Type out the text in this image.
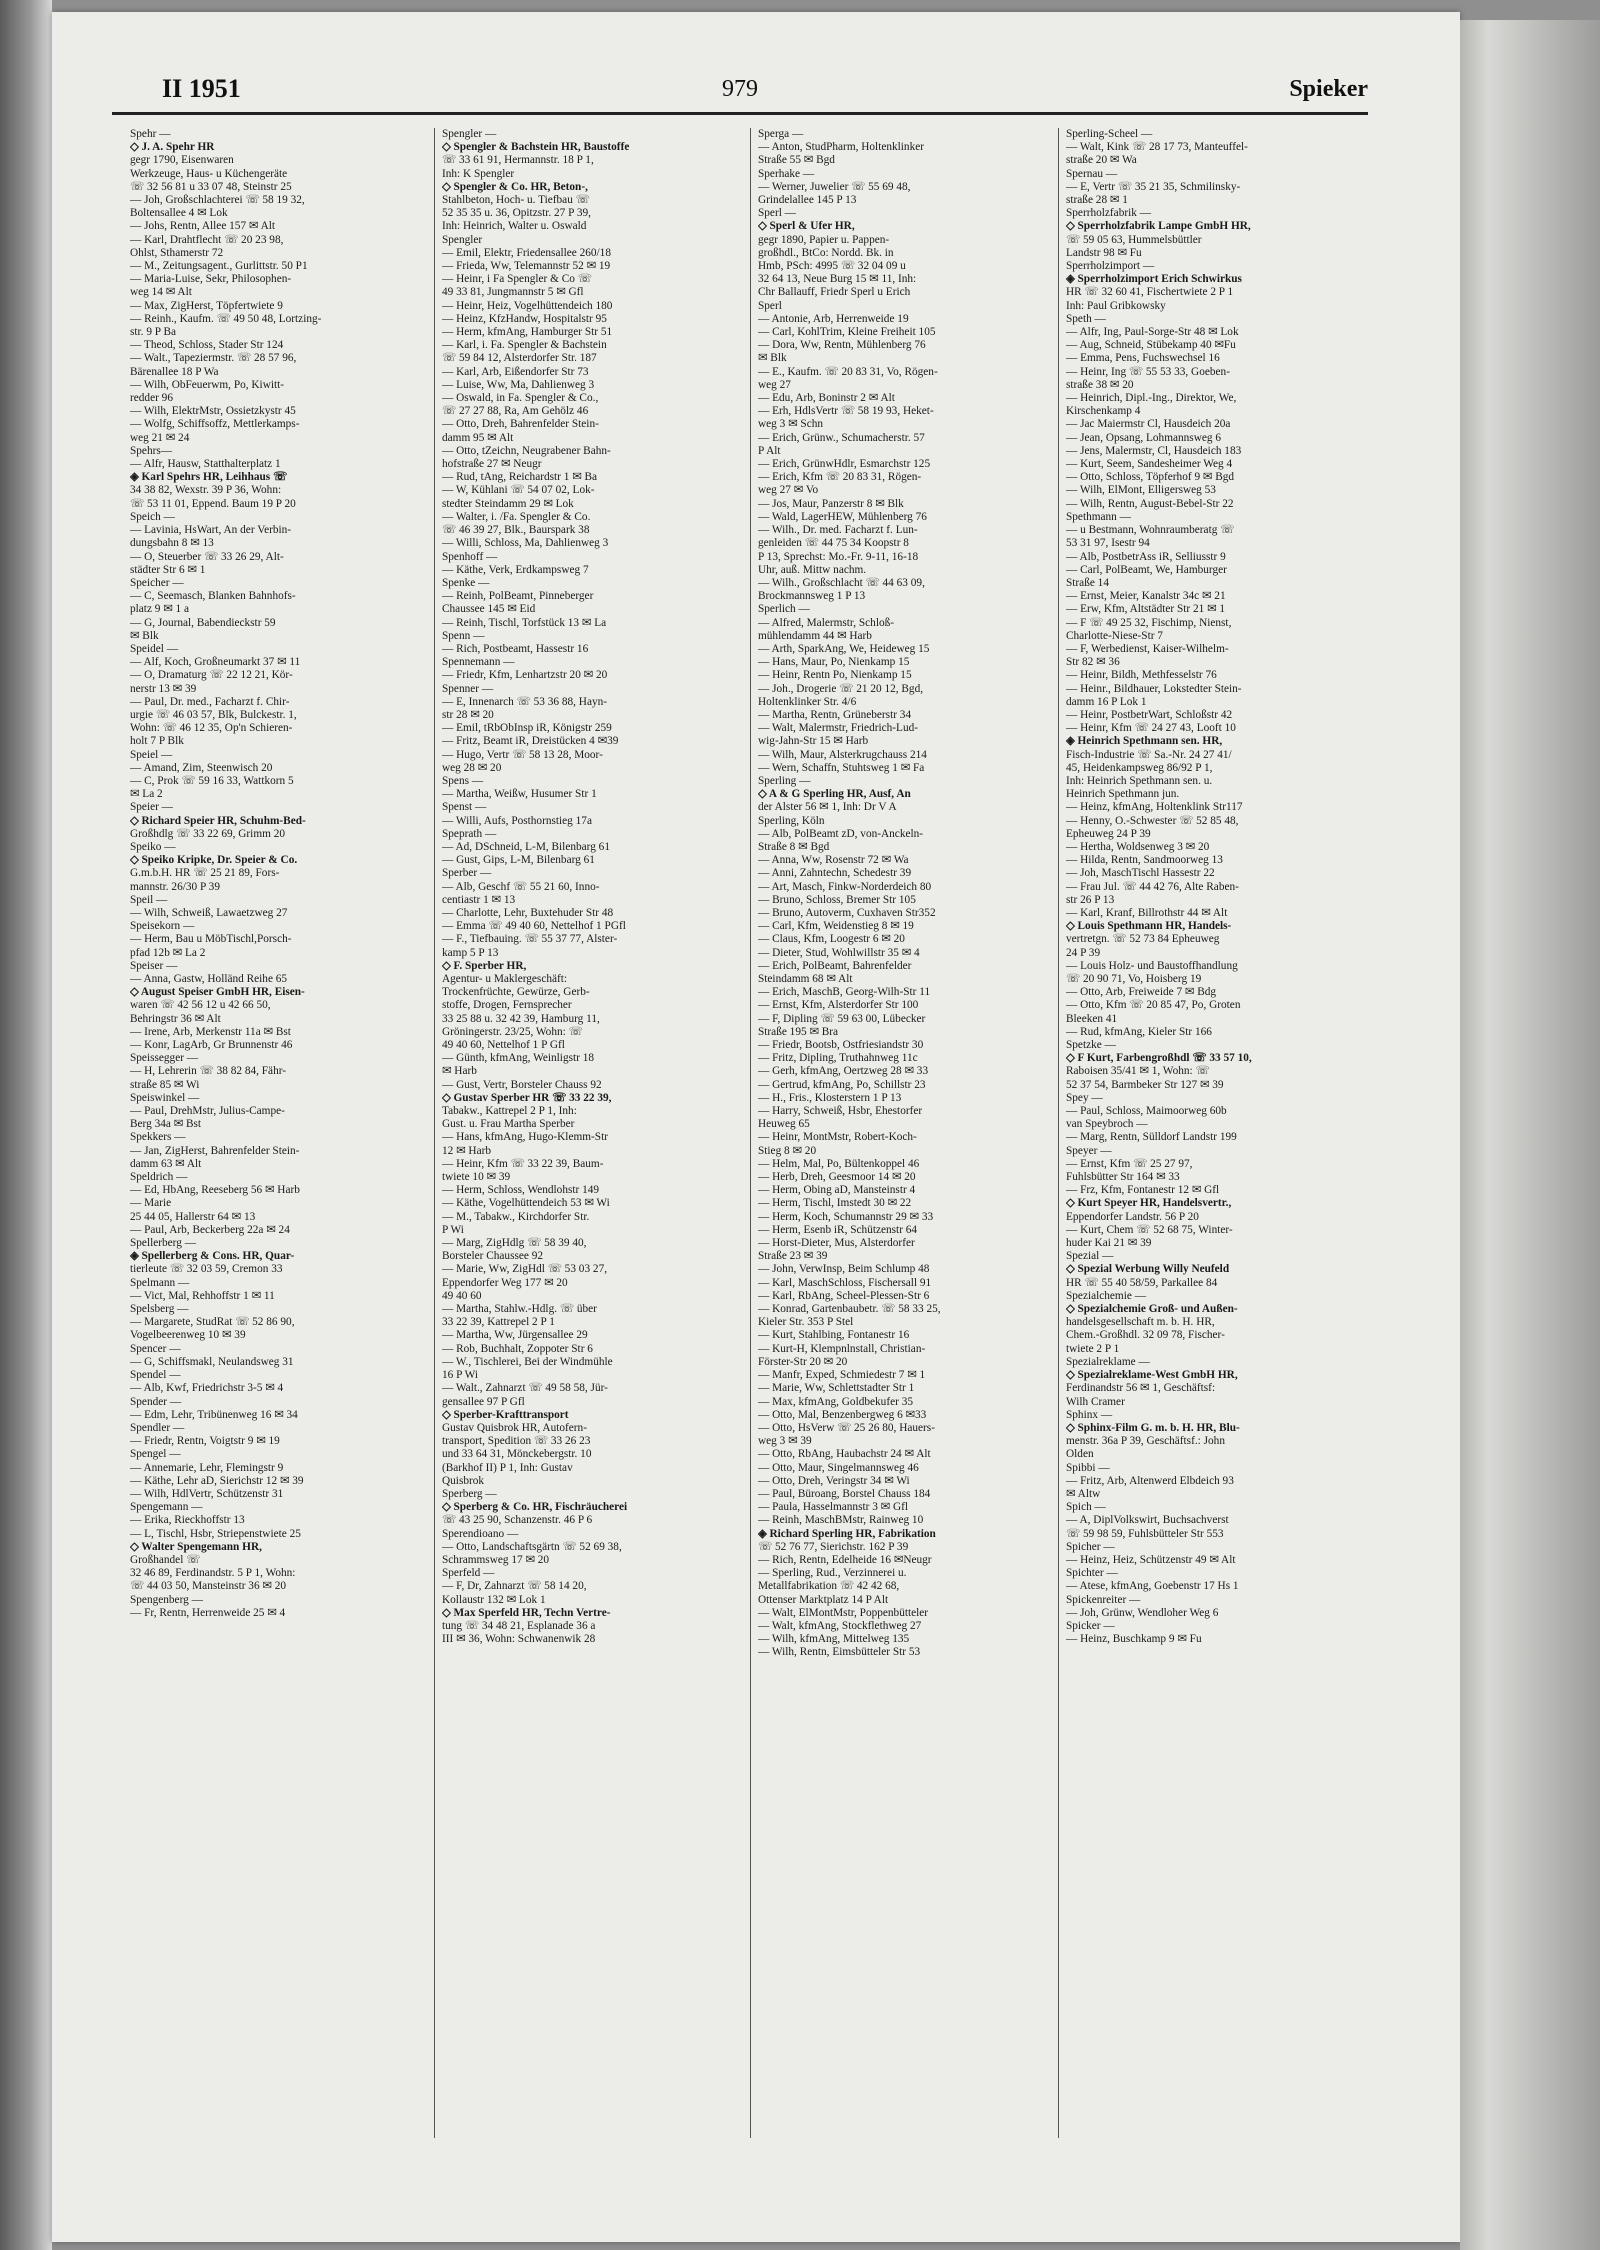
II 1951	979	Spieker
Spehr —
◇ J. A. Spehr HR
gegr 1790, Eisenwaren
Werkzeuge, Haus- u Küchengeräte
☏ 32 56 81 u 33 07 48, Steinstr 25
— Joh, Großschlachterei ☏ 58 19 32,
Boltensallee 4 ✉ Lok
— Johs, Rentn, Allee 157 ✉ Alt
— Karl, Drahtflecht ☏ 20 23 98,
Ohlst, Sthamerstr 72
— M., Zeitungsagent., Gurlittstr. 50 P1
— Maria-Luise, Sekr, Philosophen-
weg 14 ✉ Alt
— Max, ZigHerst, Töpfertwiete 9
— Reinh., Kaufm. ☏ 49 50 48, Lortzing-
str. 9 P Ba
— Theod, Schloss, Stader Str 124
— Walt., Tapeziermstr. ☏ 28 57 96,
Bärenallee 18 P Wa
— Wilh, ObFeuerwm, Po, Kiwitt-
redder 96
— Wilh, ElektrMstr, Ossietzkystr 45
— Wolfg, Schiffsoffz, Mettlerkamps-
weg 21 ✉ 24
Spehrs—
— Alfr, Hausw, Statthalterplatz 1
◈ Karl Spehrs HR, Leihhaus ☏
34 38 82, Wexstr. 39 P 36, Wohn:
☏ 53 11 01, Eppend. Baum 19 P 20
Speich —
— Lavinia, HsWart, An der Verbin-
dungsbahn 8 ✉ 13
— O, Steuerber ☏ 33 26 29, Alt-
städter Str 6 ✉ 1
Speicher —
— C, Seemasch, Blanken Bahnhofs-
platz 9 ✉ 1 a
— G, Journal, Babendieckstr 59
✉ Blk
Speidel —
— Alf, Koch, Großneumarkt 37 ✉ 11
— O, Dramaturg ☏ 22 12 21, Kör-
nerstr 13 ✉ 39
— Paul, Dr. med., Facharzt f. Chir-
urgie ☏ 46 03 57, Blk, Bulckestr. 1,
Wohn: ☏ 46 12 35, Op'n Schieren-
holt 7 P Blk
Speiel —
— Amand, Zim, Steenwisch 20
— C, Prok ☏ 59 16 33, Wattkorn 5
✉ La 2
Speier —
◇ Richard Speier HR, Schuhm-Bed-
Großhdlg ☏ 33 22 69, Grimm 20
Speiko —
◇ Speiko Kripke, Dr. Speier & Co.
G.m.b.H. HR ☏ 25 21 89, Fors-
mannstr. 26/30 P 39
Speil —
— Wilh, Schweiß, Lawaetzweg 27
Speisekorn —
— Herm, Bau u MöbTischl,Porsch-
pfad 12b ✉ La 2
Speiser —
— Anna, Gastw, Holländ Reihe 65
◇ August Speiser GmbH HR, Eisen-
waren ☏ 42 56 12 u 42 66 50,
Behringstr 36 ✉ Alt
— Irene, Arb, Merkenstr 11a ✉ Bst
— Konr, LagArb, Gr Brunnenstr 46
Speissegger —
— H, Lehrerin ☏ 38 82 84, Fähr-
straße 85 ✉ Wi
Speiswinkel —
— Paul, DrehMstr, Julius-Campe-
Berg 34a ✉ Bst
Spekkers —
— Jan, ZigHerst, Bahrenfelder Stein-
damm 63 ✉ Alt
Speldrich —
— Ed, HbAng, Reeseberg 56 ✉ Harb
— Marie
25 44 05, Hallerstr 64 ✉ 13
— Paul, Arb, Beckerberg 22a ✉ 24
Spellerberg —
◈ Spellerberg & Cons. HR, Quar-
tierleute ☏ 32 03 59, Cremon 33
Spelmann —
— Vict, Mal, Rehhoffstr 1 ✉ 11
Spelsberg —
— Margarete, StudRat ☏ 52 86 90,
Vogelbeerenweg 10 ✉ 39
Spencer —
— G, Schiffsmakl, Neulandsweg 31
Spendel —
— Alb, Kwf, Friedrichstr 3-5 ✉ 4
Spender —
— Edm, Lehr, Tribünenweg 16 ✉ 34
Spendler —
— Friedr, Rentn, Voigtstr 9 ✉ 19
Spengel —
— Annemarie, Lehr, Flemingstr 9
— Käthe, Lehr aD, Sierichstr 12 ✉ 39
— Wilh, HdlVertr, Schützenstr 31
Spengemann —
— Erika, Rieckhoffstr 13
— L, Tischl, Hsbr, Striepenstwiete 25
◇ Walter Spengemann HR,
Großhandel ☏
32 46 89, Ferdinandstr. 5 P 1, Wohn:
☏ 44 03 50, Mansteinstr 36 ✉ 20
Spengenberg —
— Fr, Rentn, Herrenweide 25 ✉ 4
Spengler —
◇ Spengler & Bachstein HR, Baustoffe
☏ 33 61 91, Hermannstr. 18 P 1,
Inh: K Spengler
◇ Spengler & Co. HR, Beton-,
Stahlbeton, Hoch- u. Tiefbau ☏
52 35 35 u. 36, Opitzstr. 27 P 39,
Inh: Heinrich, Walter u. Oswald
Spengler
— Emil, Elektr, Friedensallee 260/18
— Frieda, Ww, Telemannstr 52 ✉ 19
— Heinr, i Fa Spengler & Co ☏
49 33 81, Jungmannstr 5 ✉ Gfl
— Heinr, Heiz, Vogelhüttendeich 180
— Heinz, KfzHandw, Hospitalstr 95
— Herm, kfmAng, Hamburger Str 51
— Karl, i. Fa. Spengler & Bachstein
☏ 59 84 12, Alsterdorfer Str. 187
— Karl, Arb, Eißendorfer Str 73
— Luise, Ww, Ma, Dahlienweg 3
— Oswald, in Fa. Spengler & Co.,
☏ 27 27 88, Ra, Am Gehölz 46
— Otto, Dreh, Bahrenfelder Stein-
damm 95 ✉ Alt
— Otto, tZeichn, Neugrabener Bahn-
hofstraße 27 ✉ Neugr
— Rud, tAng, Reichardstr 1 ✉ Ba
— W, Kühlani ☏ 54 07 02, Lok-
stedter Steindamm 29 ✉ Lok
— Walter, i. /Fa. Spengler & Co.
☏ 46 39 27, Blk., Baurspark 38
— Willi, Schloss, Ma, Dahlienweg 3
Spenhoff —
— Käthe, Verk, Erdkampsweg 7
Spenke —
— Reinh, PolBeamt, Pinneberger
Chaussee 145 ✉ Eid
— Reinh, Tischl, Torfstück 13 ✉ La
Spenn —
— Rich, Postbeamt, Hassestr 16
Spennemann —
— Friedr, Kfm, Lenhartzstr 20 ✉ 20
Spenner —
— E, Innenarch ☏ 53 36 88, Hayn-
str 28 ✉ 20
— Emil, tRbObInsp iR, Königstr 259
— Fritz, Beamt iR, Dreistücken 4 ✉39
— Hugo, Vertr ☏ 58 13 28, Moor-
weg 28 ✉ 20
Spens —
— Martha, Weißw, Husumer Str 1
Spenst —
— Willi, Aufs, Posthornstieg 17a
Speprath —
— Ad, DSchneid, L-M, Bilenbarg 61
— Gust, Gips, L-M, Bilenbarg 61
Sperber —
— Alb, Geschf ☏ 55 21 60, Inno-
centiastr 1 ✉ 13
— Charlotte, Lehr, Buxtehuder Str 48
— Emma ☏ 49 40 60, Nettelhof 1 PGfl
— F., Tiefbauing. ☏ 55 37 77, Alster-
kamp 5 P 13
◇ F. Sperber HR,
Agentur- u Maklergeschäft:
Trockenfrüchte, Gewürze, Gerb-
stoffe, Drogen, Fernsprecher
33 25 88 u. 32 42 39, Hamburg 11,
Gröningerstr. 23/25, Wohn: ☏
49 40 60, Nettelhof 1 P Gfl
— Günth, kfmAng, Weinligstr 18
✉ Harb
— Gust, Vertr, Borsteler Chauss 92
◇ Gustav Sperber HR ☏ 33 22 39,
Tabakw., Kattrepel 2 P 1, Inh:
Gust. u. Frau Martha Sperber
— Hans, kfmAng, Hugo-Klemm-Str
12 ✉ Harb
— Heinr, Kfm ☏ 33 22 39, Baum-
twiete 10 ✉ 39
— Herm, Schloss, Wendlohstr 149
— Käthe, Vogelhüttendeich 53 ✉ Wi
— M., Tabakw., Kirchdorfer Str.
P Wi
— Marg, ZigHdlg ☏ 58 39 40,
Borsteler Chaussee 92
— Marie, Ww, ZigHdl ☏ 53 03 27,
Eppendorfer Weg 177 ✉ 20
49 40 60
— Martha, Stahlw.-Hdlg. ☏ über
33 22 39, Kattrepel 2 P 1
— Martha, Ww, Jürgensallee 29
— Rob, Buchhalt, Zoppoter Str 6
— W., Tischlerei, Bei der Windmühle
16 P Wi
— Walt., Zahnarzt ☏ 49 58 58, Jür-
gensallee 97 P Gfl
◇ Sperber-Krafttransport
Gustav Quisbrok HR, Autofern-
transport, Spedition ☏ 33 26 23
und 33 64 31, Mönckebergstr. 10
(Barkhof II) P 1, Inh: Gustav
Quisbrok
Sperberg —
◇ Sperberg & Co. HR, Fischräucherei
☏ 43 25 90, Schanzenstr. 46 P 6
Sperendioano —
— Otto, Landschaftsgärtn ☏ 52 69 38,
Schrammsweg 17 ✉ 20
Sperfeld —
— F, Dr, Zahnarzt ☏ 58 14 20,
Kollaustr 132 ✉ Lok 1
◇ Max Sperfeld HR, Techn Vertre-
tung ☏ 34 48 21, Esplanade 36 a
III ✉ 36, Wohn: Schwanenwik 28
Sperga —
— Anton, StudPharm, Holtenklinker
Straße 55 ✉ Bgd
Sperhake —
— Werner, Juwelier ☏ 55 69 48,
Grindelallee 145 P 13
Sperl —
◇ Sperl & Ufer HR,
gegr 1890, Papier u. Pappen-
großhdl., BtCo: Nordd. Bk. in
Hmb, PSch: 4995 ☏ 32 04 09 u
32 64 13, Neue Burg 15 ✉ 11, Inh:
Chr Ballauff, Friedr Sperl u Erich
Sperl
— Antonie, Arb, Herrenweide 19
— Carl, KohlTrim, Kleine Freiheit 105
— Dora, Ww, Rentn, Mühlenberg 76
✉ Blk
— E., Kaufm. ☏ 20 83 31, Vo, Rögen-
weg 27
— Edu, Arb, Boninstr 2 ✉ Alt
— Erh, HdlsVertr ☏ 58 19 93, Heket-
weg 3 ✉ Schn
— Erich, Grünw., Schumacherstr. 57
P Alt
— Erich, GrünwHdlr, Esmarchstr 125
— Erich, Kfm ☏ 20 83 31, Rögen-
weg 27 ✉ Vo
— Jos, Maur, Panzerstr 8 ✉ Blk
— Wald, LagerHEW, Mühlenberg 76
— Wilh., Dr. med. Facharzt f. Lun-
genleiden ☏ 44 75 34 Koopstr 8
P 13, Sprechst: Mo.-Fr. 9-11, 16-18
Uhr, auß. Mittw nachm.
— Wilh., Großschlacht ☏ 44 63 09,
Brockmannsweg 1 P 13
Sperlich —
— Alfred, Malermstr, Schloß-
mühlendamm 44 ✉ Harb
— Arth, SparkAng, We, Heideweg 15
— Hans, Maur, Po, Nienkamp 15
— Heinr, Rentn Po, Nienkamp 15
— Joh., Drogerie ☏ 21 20 12, Bgd,
Holtenklinker Str. 4/6
— Martha, Rentn, Grüneberstr 34
— Walt, Malermstr, Friedrich-Lud-
wig-Jahn-Str 15 ✉ Harb
— Wilh, Maur, Alsterkrugchauss 214
— Wern, Schaffn, Stuhtsweg 1 ✉ Fa
Sperling —
◇ A & G Sperling HR, Ausf, An
der Alster 56 ✉ 1, Inh: Dr V A
Sperling, Köln
— Alb, PolBeamt zD, von-Anckeln-
Straße 8 ✉ Bgd
— Anna, Ww, Rosenstr 72 ✉ Wa
— Anni, Zahntechn, Schedestr 39
— Art, Masch, Finkw-Norderdeich 80
— Bruno, Schloss, Bremer Str 105
— Bruno, Autoverm, Cuxhaven Str352
— Carl, Kfm, Weidenstieg 8 ✉ 19
— Claus, Kfm, Loogestr 6 ✉ 20
— Dieter, Stud, Wohlwillstr 35 ✉ 4
— Erich, PolBeamt, Bahrenfelder
Steindamm 68 ✉ Alt
— Erich, MaschB, Georg-Wilh-Str 11
— Ernst, Kfm, Alsterdorfer Str 100
— F, Dipling ☏ 59 63 00, Lübecker
Straße 195 ✉ Bra
— Friedr, Bootsb, Ostfriesiandstr 30
— Fritz, Dipling, Truthahnweg 11c
— Gerh, kfmAng, Oertzweg 28 ✉ 33
— Gertrud, kfmAng, Po, Schillstr 23
— H., Fris., Klosterstern 1 P 13
— Harry, Schweiß, Hsbr, Ehestorfer
Heuweg 65
— Heinr, MontMstr, Robert-Koch-
Stieg 8 ✉ 20
— Helm, Mal, Po, Bültenkoppel 46
— Herb, Dreh, Geesmoor 14 ✉ 20
— Herm, Obing aD, Mansteinstr 4
— Herm, Tischl, Imstedt 30 ✉ 22
— Herm, Koch, Schumannstr 29 ✉ 33
— Herm, Esenb iR, Schützenstr 64
— Horst-Dieter, Mus, Alsterdorfer
Straße 23 ✉ 39
— John, VerwInsp, Beim Schlump 48
— Karl, MaschSchloss, Fischersall 91
— Karl, RbAng, Scheel-Plessen-Str 6
— Konrad, Gartenbaubetr. ☏ 58 33 25,
Kieler Str. 353 P Stel
— Kurt, Stahlbing, Fontanestr 16
— Kurt-H, Klempnlnstall, Christian-
Förster-Str 20 ✉ 20
— Manfr, Exped, Schmiedestr 7 ✉ 1
— Marie, Ww, Schlettstadter Str 1
— Max, kfmAng, Goldbekufer 35
— Otto, Mal, Benzenbergweg 6 ✉33
— Otto, HsVerw ☏ 25 26 80, Hauers-
weg 3 ✉ 39
— Otto, RbAng, Haubachstr 24 ✉ Alt
— Otto, Maur, Singelmannsweg 46
— Otto, Dreh, Veringstr 34 ✉ Wi
— Paul, Büroang, Borstel Chauss 184
— Paula, Hasselmannstr 3 ✉ Gfl
— Reinh, MaschBMstr, Rainweg 10
◈ Richard Sperling HR, Fabrikation
☏ 52 76 77, Sierichstr. 162 P 39
— Rich, Rentn, Edelheide 16 ✉Neugr
— Sperling, Rud., Verzinnerei u.
Metallfabrikation ☏ 42 42 68,
Ottenser Marktplatz 14 P Alt
— Walt, ElMontMstr, Poppenbütteler
— Walt, kfmAng, Stockflethweg 27
— Wilh, kfmAng, Mittelweg 135
— Wilh, Rentn, Eimsbütteler Str 53
Sperling-Scheel —
— Walt, Kink ☏ 28 17 73, Manteuffel-
straße 20 ✉ Wa
Spernau —
— E, Vertr ☏ 35 21 35, Schmilinsky-
straße 28 ✉ 1
Sperrholzfabrik —
◇ Sperrholzfabrik Lampe GmbH HR,
☏ 59 05 63, Hummelsbüttler
Landstr 98 ✉ Fu
Sperrholzimport —
◈ Sperrholzimport Erich Schwirkus
HR ☏ 32 60 41, Fischertwiete 2 P 1
Inh: Paul Gribkowsky
Speth —
— Alfr, Ing, Paul-Sorge-Str 48 ✉ Lok
— Aug, Schneid, Stübekamp 40 ✉Fu
— Emma, Pens, Fuchswechsel 16
— Heinr, Ing ☏ 55 53 33, Goeben-
straße 38 ✉ 20
— Heinrich, Dipl.-Ing., Direktor, We,
Kirschenkamp 4
— Jac Maiermstr Cl, Hausdeich 20a
— Jean, Opsang, Lohmannsweg 6
— Jens, Malermstr, Cl, Hausdeich 183
— Kurt, Seem, Sandesheimer Weg 4
— Otto, Schloss, Töpferhof 9 ✉ Bgd
— Wilh, ElMont, Elligersweg 53
— Wilh, Rentn, August-Bebel-Str 22
Spethmann —
— u Bestmann, Wohnraumberatg ☏
53 31 97, Isestr 94
— Alb, PostbetrAss iR, Selliusstr 9
— Carl, PolBeamt, We, Hamburger
Straße 14
— Ernst, Meier, Kanalstr 34c ✉ 21
— Erw, Kfm, Altstädter Str 21 ✉ 1
— F ☏ 49 25 32, Fischimp, Nienst,
Charlotte-Niese-Str 7
— F, Werbedienst, Kaiser-Wilhelm-
Str 82 ✉ 36
— Heinr, Bildh, Methfesselstr 76
— Heinr., Bildhauer, Lokstedter Stein-
damm 16 P Lok 1
— Heinr, PostbetrWart, Schloßstr 42
— Heinr, Kfm ☏ 24 27 43, Looft 10
◈ Heinrich Spethmann sen. HR,
Fisch-Industrie ☏ Sa.-Nr. 24 27 41/
45, Heidenkampsweg 86/92 P 1,
Inh: Heinrich Spethmann sen. u.
Heinrich Spethmann jun.
— Heinz, kfmAng, Holtenklink Str117
— Henny, O.-Schwester ☏ 52 85 48,
Epheuweg 24 P 39
— Hertha, Woldsenweg 3 ✉ 20
— Hilda, Rentn, Sandmoorweg 13
— Joh, MaschTischl Hassestr 22
— Frau Jul. ☏ 44 42 76, Alte Raben-
str 26 P 13
— Karl, Kranf, Billrothstr 44 ✉ Alt
◇ Louis Spethmann HR, Handels-
vertretgn. ☏ 52 73 84 Epheuweg
24 P 39
— Louis Holz- und Baustoffhandlung
☏ 20 90 71, Vo, Hoisberg 19
— Otto, Arb, Freiweide 7 ✉ Bdg
— Otto, Kfm ☏ 20 85 47, Po, Groten
Bleeken 41
— Rud, kfmAng, Kieler Str 166
Spetzke —
◇ F Kurt, Farbengroßhdl ☏ 33 57 10,
Raboisen 35/41 ✉ 1, Wohn: ☏
52 37 54, Barmbeker Str 127 ✉ 39
Spey —
— Paul, Schloss, Maimoorweg 60b
van Speybroch —
— Marg, Rentn, Sülldorf Landstr 199
Speyer —
— Ernst, Kfm ☏ 25 27 97,
Fuhlsbütter Str 164 ✉ 33
— Frz, Kfm, Fontanestr 12 ✉ Gfl
◇ Kurt Speyer HR, Handelsvertr.,
Eppendorfer Landstr. 56 P 20
— Kurt, Chem ☏ 52 68 75, Winter-
huder Kai 21 ✉ 39
Spezial —
◇ Spezial Werbung Willy Neufeld
HR ☏ 55 40 58/59, Parkallee 84
Spezialchemie —
◇ Spezialchemie Groß- und Außen-
handelsgesellschaft m. b. H. HR,
Chem.-Großhdl. 32 09 78, Fischer-
twiete 2 P 1
Spezialreklame —
◇ Spezialreklame-West GmbH HR,
Ferdinandstr 56 ✉ 1, Geschäftsf:
Wilh Cramer
Sphinx —
◇ Sphinx-Film G. m. b. H. HR, Blu-
menstr. 36a P 39, Geschäftsf.: John
Olden
Spibbi —
— Fritz, Arb, Altenwerd Elbdeich 93
✉ Altw
Spich —
— A, DiplVolkswirt, Buchsachverst
☏ 59 98 59, Fuhlsbütteler Str 553
Spicher —
— Heinz, Heiz, Schützenstr 49 ✉ Alt
Spichter —
— Atese, kfmAng, Goebenstr 17 Hs 1
Spickenreiter —
— Joh, Grünw, Wendloher Weg 6
Spicker —
— Heinz, Buschkamp 9 ✉ Fu
